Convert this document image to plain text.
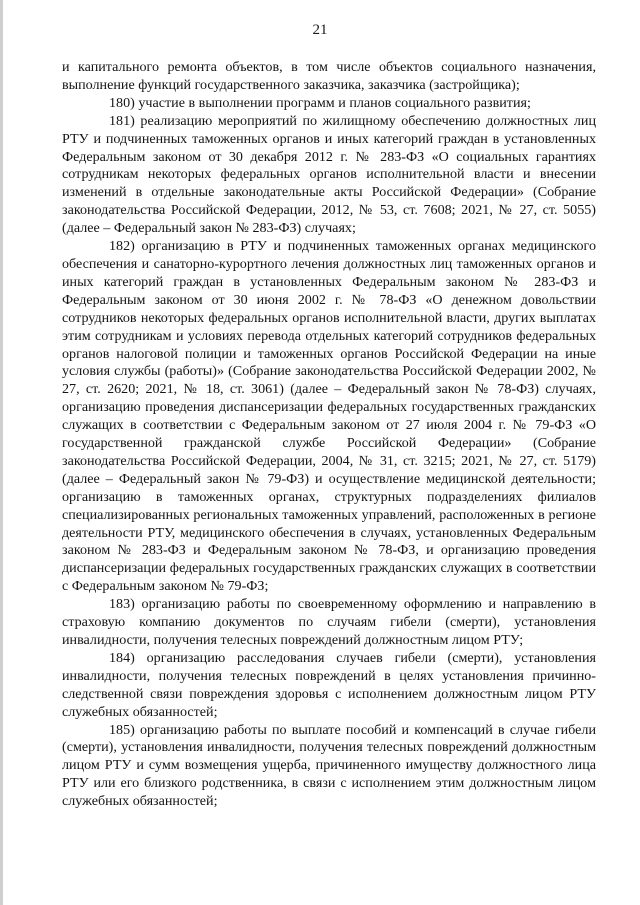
21

и капитального ремонта объектов, в том числе объектов социального назначения, выполнение функций государственного заказчика, заказчика (застройщика);

180) участие в выполнении программ и планов социального развития;

181) реализацию мероприятий по жилищному обеспечению должностных лиц РТУ и подчиненных таможенных органов и иных категорий граждан в установленных Федеральным законом от 30 декабря 2012 г. № 283-ФЗ «О социальных гарантиях сотрудникам некоторых федеральных органов исполнительной власти и внесении изменений в отдельные законодательные акты Российской Федерации» (Собрание законодательства Российской Федерации, 2012, № 53, ст. 7608; 2021, № 27, ст. 5055) (далее – Федеральный закон № 283-ФЗ) случаях;

182) организацию в РТУ и подчиненных таможенных органах медицинского обеспечения и санаторно-курортного лечения должностных лиц таможенных органов и иных категорий граждан в установленных Федеральным законом № 283-ФЗ и Федеральным законом от 30 июня 2002 г. № 78-ФЗ «О денежном довольствии сотрудников некоторых федеральных органов исполнительной власти, других выплатах этим сотрудникам и условиях перевода отдельных категорий сотрудников федеральных органов налоговой полиции и таможенных органов Российской Федерации на иные условия службы (работы)» (Собрание законодательства Российской Федерации 2002, № 27, ст. 2620; 2021, № 18, ст. 3061) (далее – Федеральный закон № 78-ФЗ) случаях, организацию проведения диспансеризации федеральных государственных гражданских служащих в соответствии с Федеральным законом от 27 июля 2004 г. № 79-ФЗ «О государственной гражданской службе Российской Федерации» (Собрание законодательства Российской Федерации, 2004, № 31, ст. 3215; 2021, № 27, ст. 5179) (далее – Федеральный закон № 79-ФЗ) и осуществление медицинской деятельности; организацию в таможенных органах, структурных подразделениях филиалов специализированных региональных таможенных управлений, расположенных в регионе деятельности РТУ, медицинского обеспечения в случаях, установленных Федеральным законом № 283-ФЗ и Федеральным законом № 78-ФЗ, и организацию проведения диспансеризации федеральных государственных гражданских служащих в соответствии с Федеральным законом № 79-ФЗ;

183) организацию работы по своевременному оформлению и направлению в страховую компанию документов по случаям гибели (смерти), установления инвалидности, получения телесных повреждений должностным лицом РТУ;

184) организацию расследования случаев гибели (смерти), установления инвалидности, получения телесных повреждений в целях установления причинно-следственной связи повреждения здоровья с исполнением должностным лицом РТУ служебных обязанностей;

185) организацию работы по выплате пособий и компенсаций в случае гибели (смерти), установления инвалидности, получения телесных повреждений должностным лицом РТУ и сумм возмещения ущерба, причиненного имуществу должностного лица РТУ или его близкого родственника, в связи с исполнением этим должностным лицом служебных обязанностей;
